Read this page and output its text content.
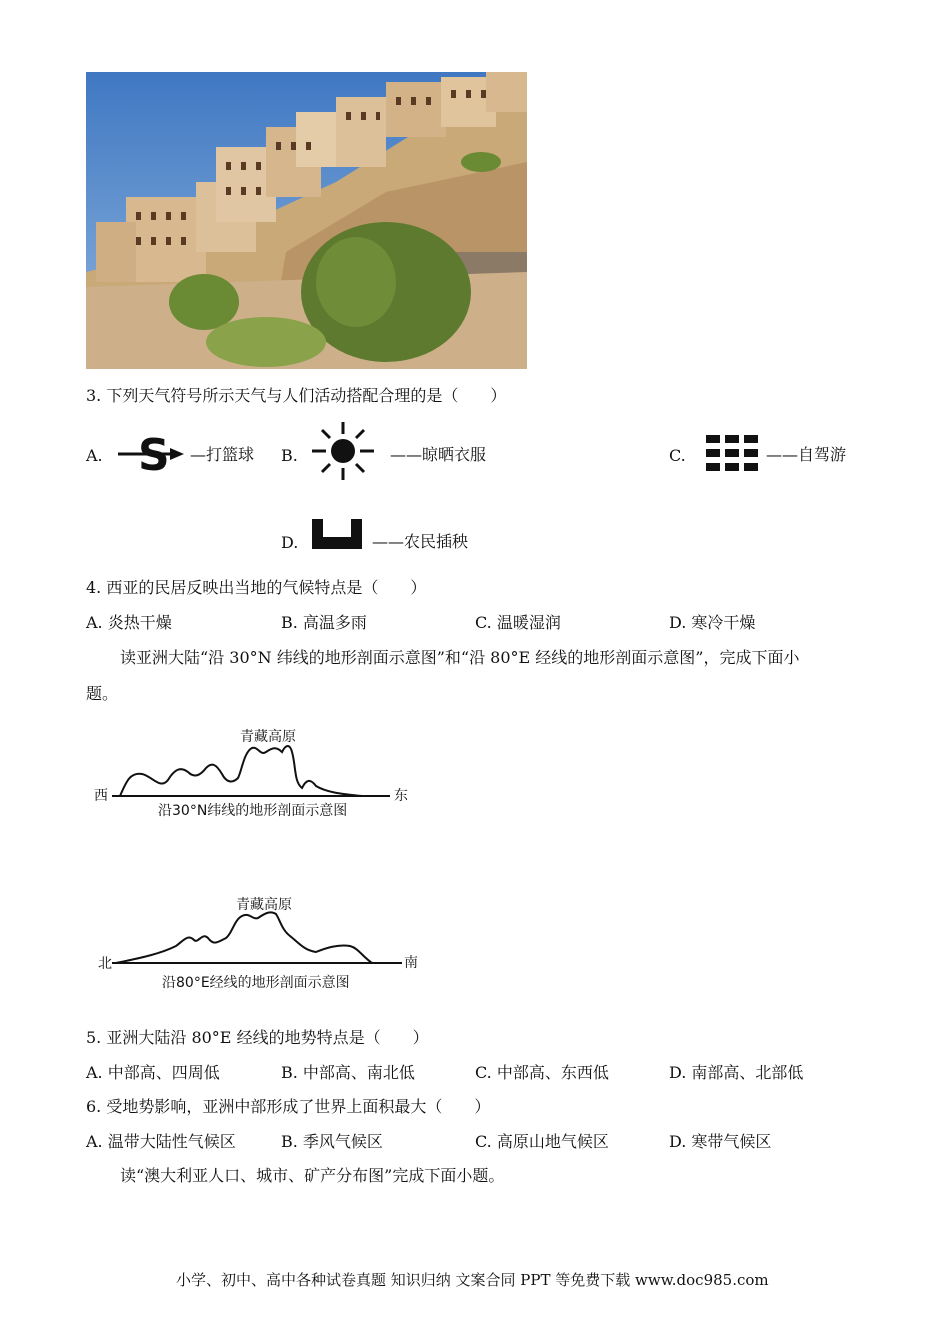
3. 下列天气符号所示天气与人们活动搭配合理的是（　　）
A. S —打篮球 B.	——晾晒衣服	C.	——自驾游
D.	——农民插秧
4. 西亚的民居反映出当地的气候特点是（　　）
A. 炎热干燥	B. 高温多雨	C. 温暖湿润	D. 寒冷干燥
读亚洲大陆“沿 30°N 纬线的地形剖面示意图”和“沿 80°E 经线的地形剖面示意图”，完成下面小
题。
青藏高原
西	东
沿30°N纬线的地形剖面示意图
青藏高原
北	南
沿80°E经线的地形剖面示意图
5. 亚洲大陆沿 80°E 经线的地势特点是（　　）
A. 中部高、四周低	B. 中部高、南北低	C. 中部高、东西低	D. 南部高、北部低
6. 受地势影响，亚洲中部形成了世界上面积最大（　　）
A. 温带大陆性气候区	B. 季风气候区	C. 高原山地气候区	D. 寒带气候区
读“澳大利亚人口、城市、矿产分布图”完成下面小题。
小学、初中、高中各种试卷真题 知识归纳 文案合同 PPT 等免费下载 www.doc985.com
